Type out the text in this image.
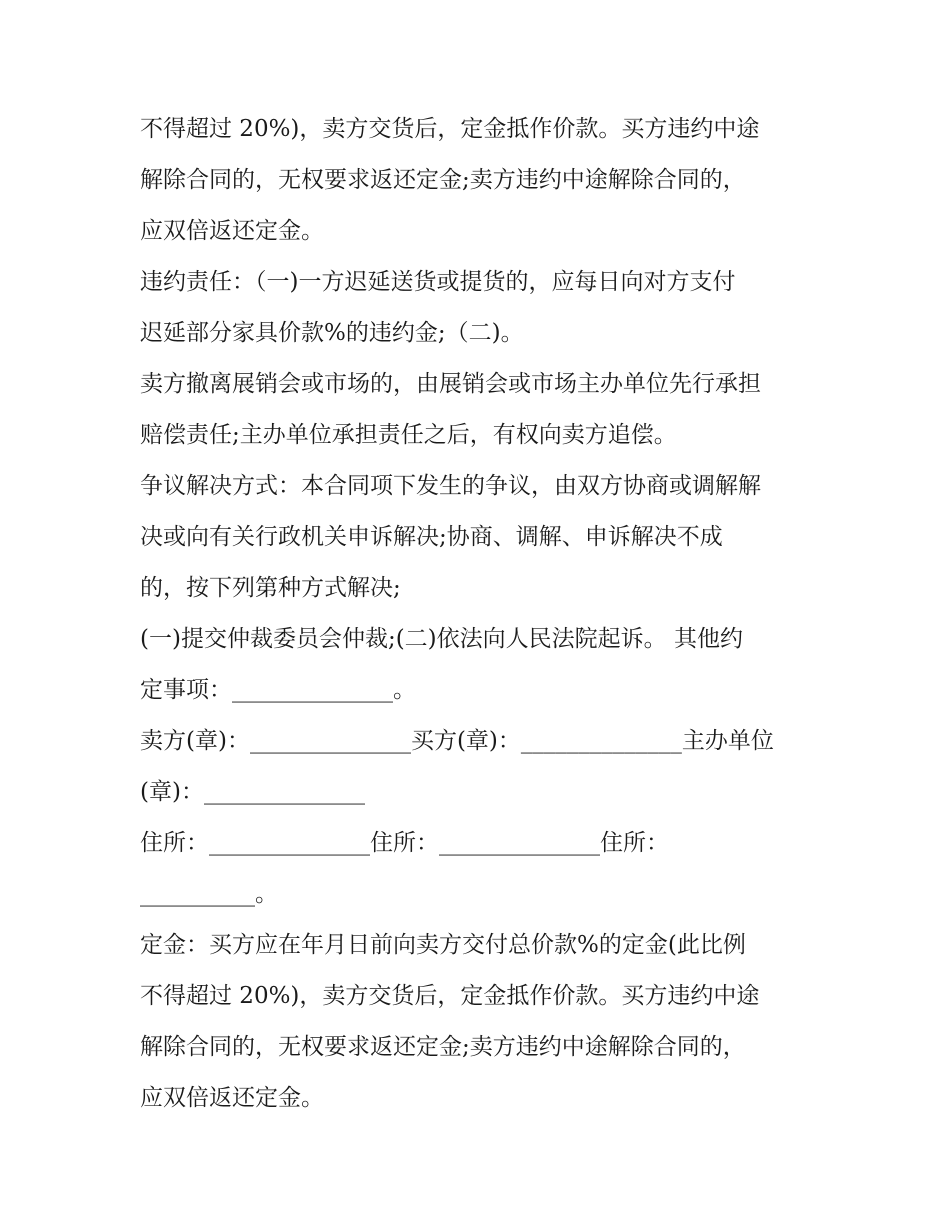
不得超过 20%)，卖方交货后，定金抵作价款。买方违约中途
解除合同的，无权要求返还定金;卖方违约中途解除合同的，
应双倍返还定金。
违约责任：（一)一方迟延送货或提货的，应每日向对方支付
迟延部分家具价款%的违约金;（二)。
卖方撤离展销会或市场的，由展销会或市场主办单位先行承担
赔偿责任;主办单位承担责任之后，有权向卖方追偿。
争议解决方式：本合同项下发生的争议，由双方协商或调解解
决或向有关行政机关申诉解决;协商、调解、申诉解决不成
的，按下列第种方式解决;
(一)提交仲裁委员会仲裁;(二)依法向人民法院起诉。 其他约
定事项：______________。
卖方(章)：______________买方(章)：______________主办单位
(章)：______________
住所：______________住所：______________住所：
__________。
定金：买方应在年月日前向卖方交付总价款%的定金(此比例
不得超过 20%)，卖方交货后，定金抵作价款。买方违约中途
解除合同的，无权要求返还定金;卖方违约中途解除合同的，
应双倍返还定金。
